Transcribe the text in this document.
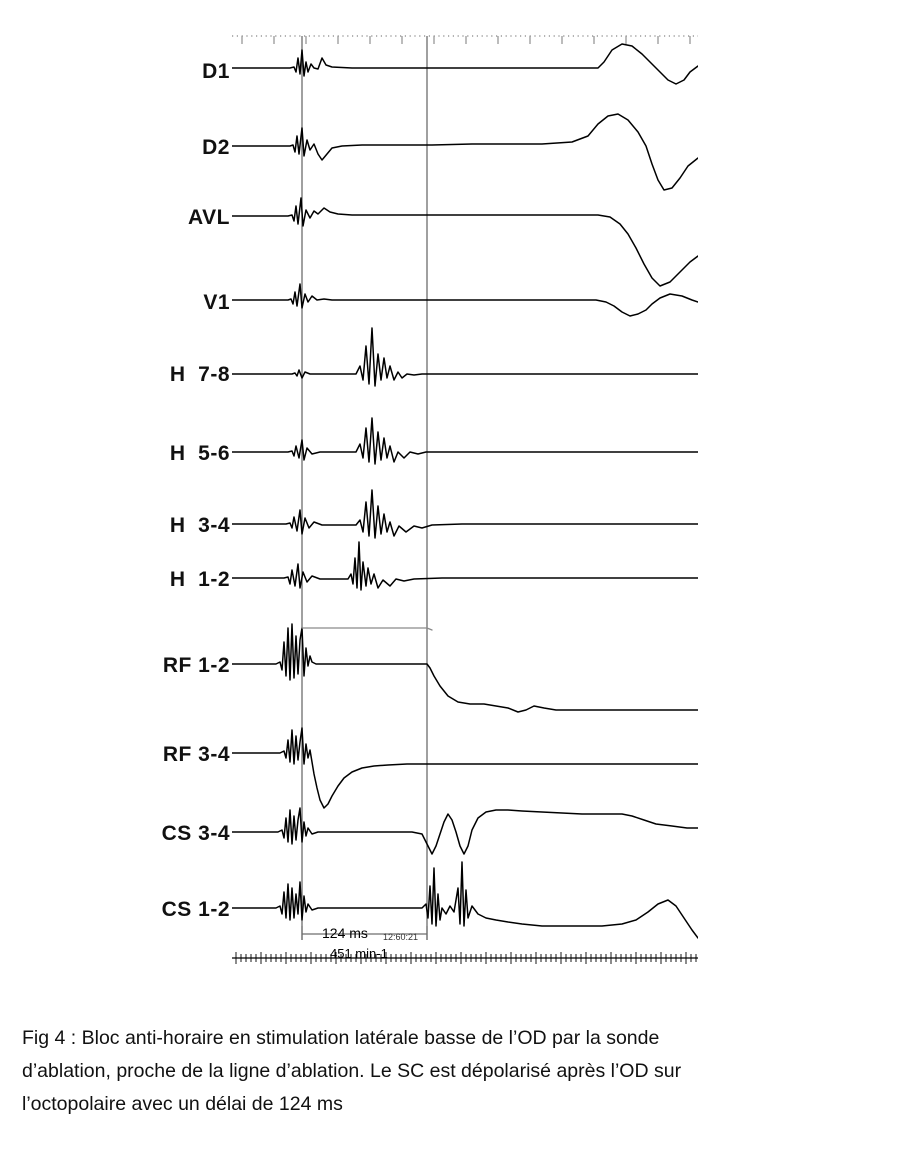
D1
D2
AVL
V1
H  7-8
H  5-6
H  3-4
H  1-2
RF 1-2
RF 3-4
CS 3-4
CS 1-2
124 ms 12:60:21
451 min-1
Fig 4 : Bloc anti-horaire en stimulation latérale basse de l’OD par la sonde
d’ablation, proche de la ligne d’ablation. Le SC est dépolarisé après l’OD sur
l’octopolaire avec un délai de 124 ms
